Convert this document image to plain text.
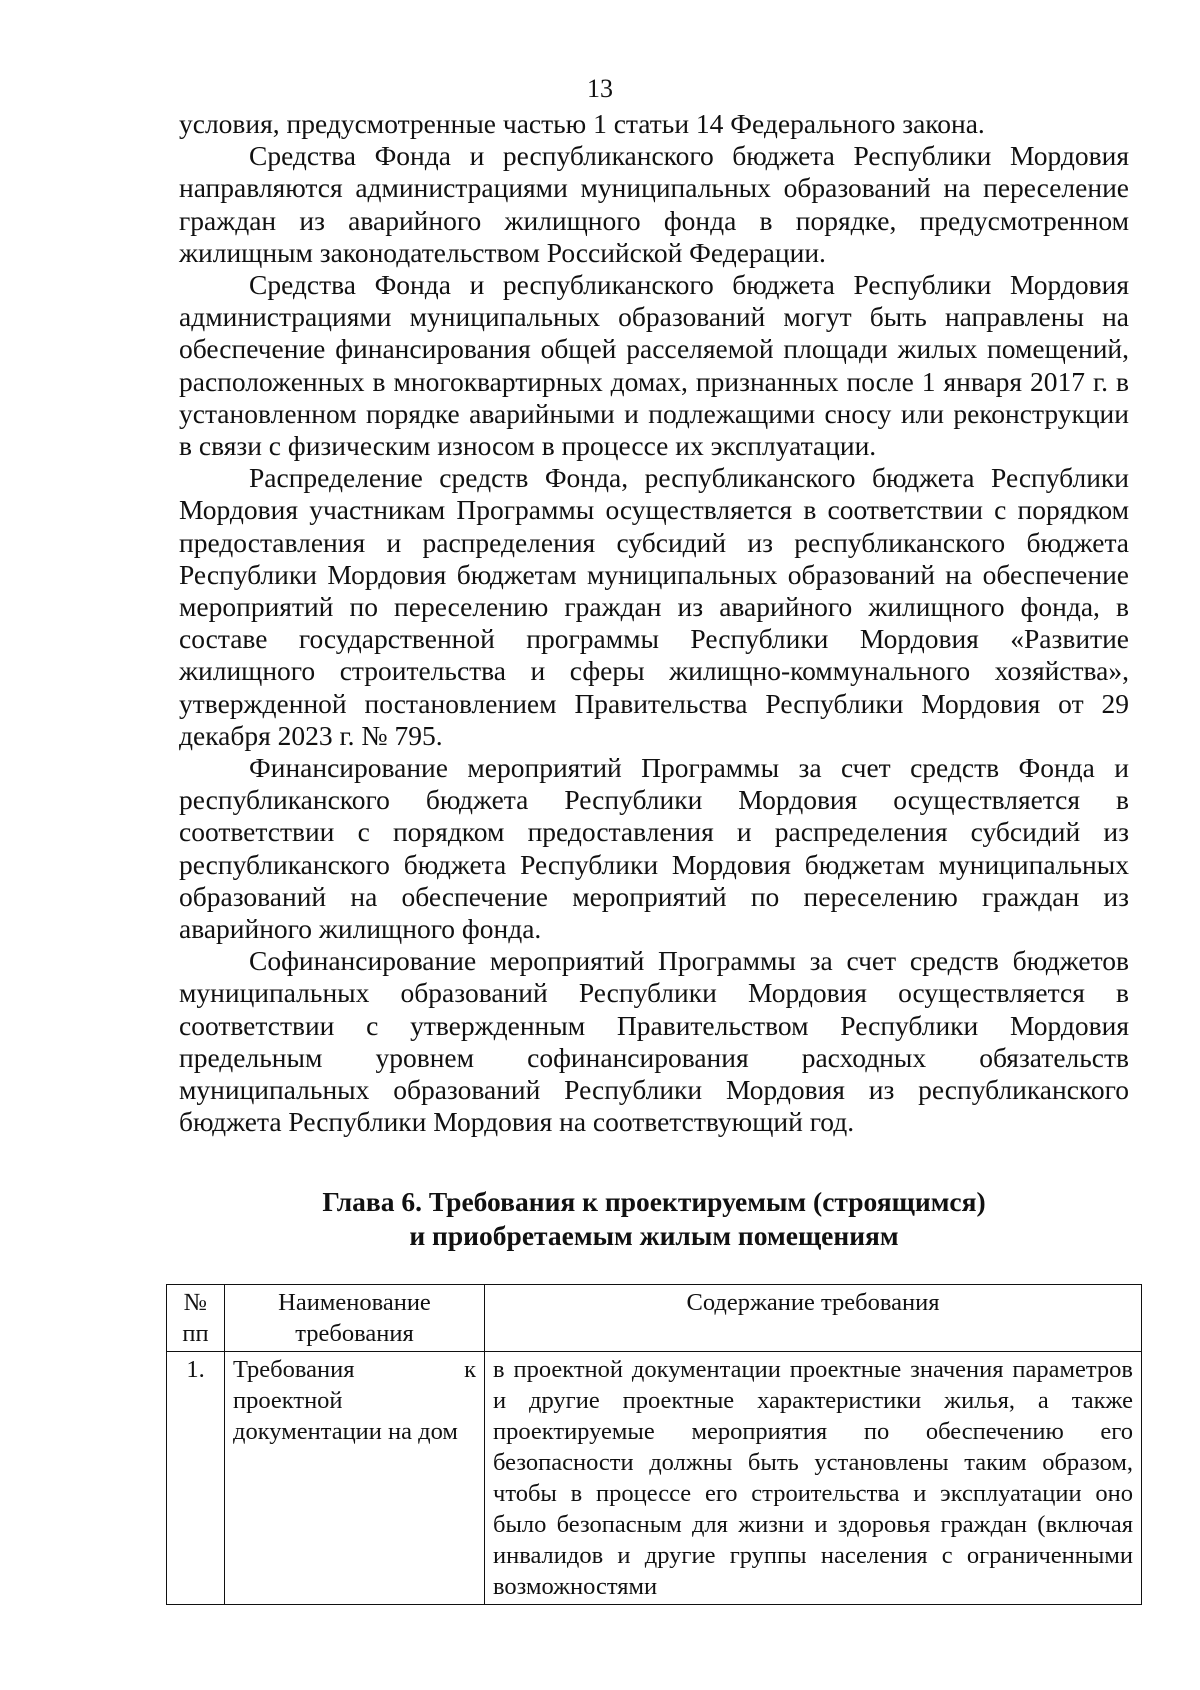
13

условия, предусмотренные частью 1 статьи 14 Федерального закона.

Средства Фонда и республиканского бюджета Республики Мордовия направляются администрациями муниципальных образований на переселение граждан из аварийного жилищного фонда в порядке, предусмотренном жилищным законодательством Российской Федерации.

Средства Фонда и республиканского бюджета Республики Мордовия администрациями муниципальных образований могут быть направлены на обеспечение финансирования общей расселяемой площади жилых помещений, расположенных в многоквартирных домах, признанных после 1 января 2017 г. в установленном порядке аварийными и подлежащими сносу или реконструкции в связи с физическим износом в процессе их эксплуатации.

Распределение средств Фонда, республиканского бюджета Республики Мордовия участникам Программы осуществляется в соответствии с порядком предоставления и распределения субсидий из республиканского бюджета Республики Мордовия бюджетам муниципальных образований на обеспечение мероприятий по переселению граждан из аварийного жилищного фонда, в составе государственной программы Республики Мордовия «Развитие жилищного строительства и сферы жилищно-коммунального хозяйства», утвержденной постановлением Правительства Республики Мордовия от 29 декабря 2023 г. № 795.

Финансирование мероприятий Программы за счет средств Фонда и республиканского бюджета Республики Мордовия осуществляется в соответствии с порядком предоставления и распределения субсидий из республиканского бюджета Республики Мордовия бюджетам муниципальных образований на обеспечение мероприятий по переселению граждан из аварийного жилищного фонда.

Софинансирование мероприятий Программы за счет средств бюджетов муниципальных образований Республики Мордовия осуществляется в соответствии с утвержденным Правительством Республики Мордовия предельным уровнем софинансирования расходных обязательств муниципальных образований Республики Мордовия из республиканского бюджета Республики Мордовия на соответствующий год.

Глава 6. Требования к проектируемым (строящимся)
и приобретаемым жилым помещениям
№ пп	Наименование требования	Содержание требования
1.	Требования к проектной документации на дом	в проектной документации проектные значения параметров и другие проектные характеристики жилья, а также проектируемые мероприятия по обеспечению его безопасности должны быть установлены таким образом, чтобы в процессе его строительства и эксплуатации оно было безопасным для жизни и здоровья граждан (включая инвалидов и другие группы населения с ограниченными возможностями
